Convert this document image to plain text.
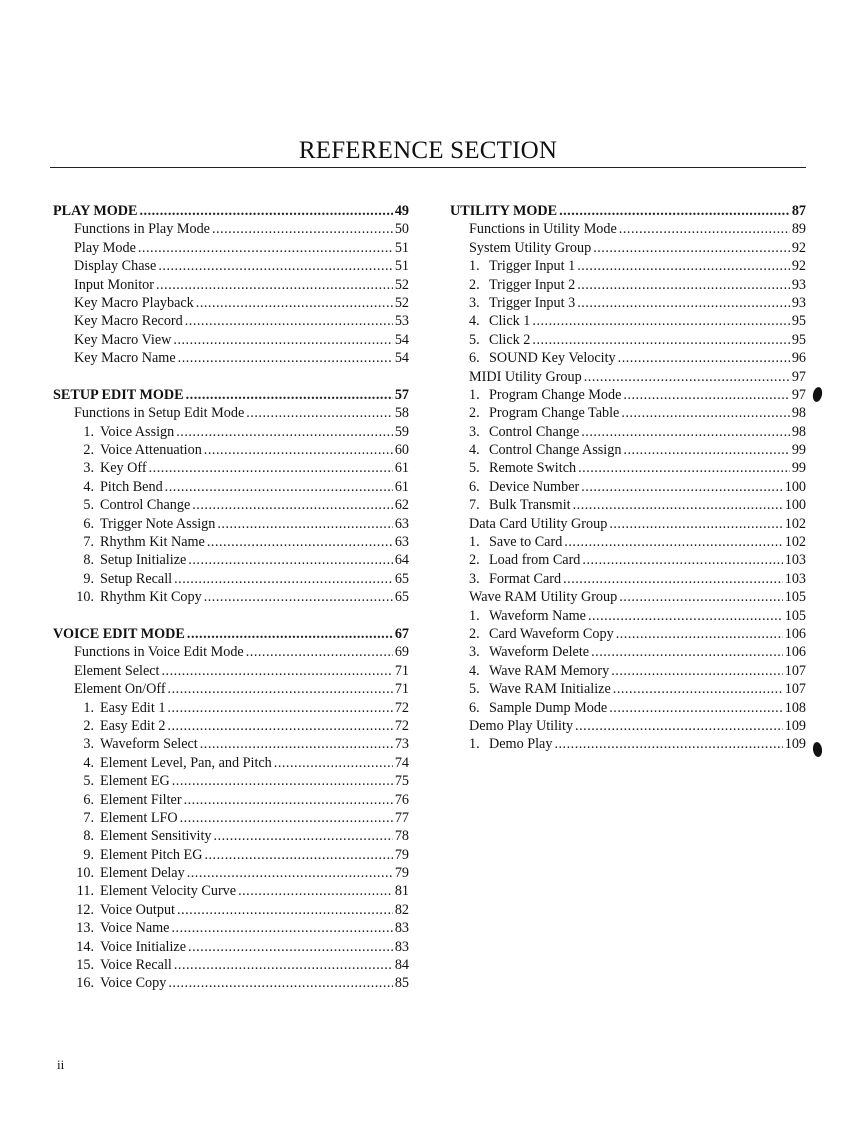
REFERENCE SECTION
PLAY MODE .....	49
Functions in Play Mode .....	50
Play Mode .....	51
Display Chase .....	51
Input Monitor .....	52
Key Macro Playback .....	52
Key Macro Record .....	53
Key Macro View .....	54
Key Macro Name .....	54
SETUP EDIT MODE .....	57
Functions in Setup Edit Mode .....	58
1. Voice Assign .....	59
2. Voice Attenuation .....	60
3. Key Off .....	61
4. Pitch Bend .....	61
5. Control Change .....	62
6. Trigger Note Assign .....	63
7. Rhythm Kit Name .....	63
8. Setup Initialize .....	64
9. Setup Recall .....	65
10. Rhythm Kit Copy .....	65
VOICE EDIT MODE .....	67
Functions in Voice Edit Mode .....	69
Element Select .....	71
Element On/Off .....	71
1. Easy Edit 1 .....	72
2. Easy Edit 2 .....	72
3. Waveform Select .....	73
4. Element Level, Pan, and Pitch .....	74
5. Element EG .....	75
6. Element Filter .....	76
7. Element LFO .....	77
8. Element Sensitivity .....	78
9. Element Pitch EG .....	79
10. Element Delay .....	79
11. Element Velocity Curve .....	81
12. Voice Output .....	82
13. Voice Name .....	83
14. Voice Initialize .....	83
15. Voice Recall .....	84
16. Voice Copy .....	85
UTILITY MODE .....	87
Functions in Utility Mode .....	89
System Utility Group .....	92
1. Trigger Input 1 .....	92
2. Trigger Input 2 .....	93
3. Trigger Input 3 .....	93
4. Click 1 .....	95
5. Click 2 .....	95
6. SOUND Key Velocity .....	96
MIDI Utility Group .....	97
1. Program Change Mode .....	97
2. Program Change Table .....	98
3. Control Change .....	98
4. Control Change Assign .....	99
5. Remote Switch .....	99
6. Device Number .....	100
7. Bulk Transmit .....	100
Data Card Utility Group .....	102
1. Save to Card .....	102
2. Load from Card .....	103
3. Format Card .....	103
Wave RAM Utility Group .....	105
1. Waveform Name .....	105
2. Card Waveform Copy .....	106
3. Waveform Delete .....	106
4. Wave RAM Memory .....	107
5. Wave RAM Initialize .....	107
6. Sample Dump Mode .....	108
Demo Play Utility .....	109
1. Demo Play .....	109
ii
